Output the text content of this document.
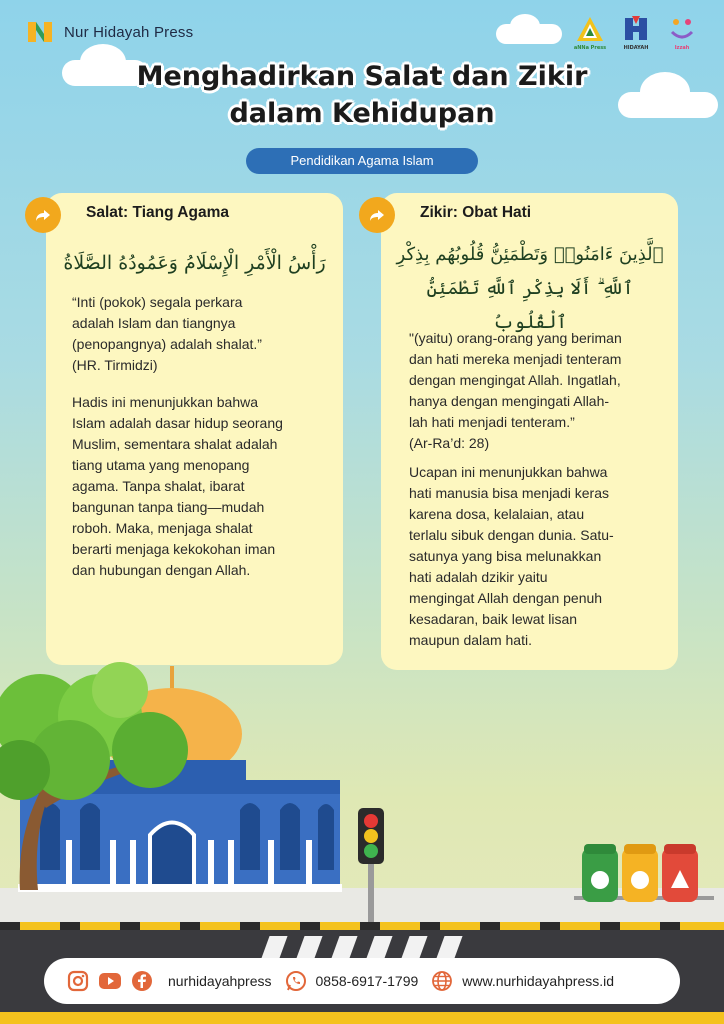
Nur Hidayah Press
aNNa Press	HIDAYAH	Izzah
Menghadirkan Salat dan Zikir
dalam Kehidupan
Pendidikan Agama Islam
Salat: Tiang Agama
رَأْسُ الْأَمْرِ الْإِسْلَامُ وَعَمُودُهُ الصَّلَاةُ
“Inti (pokok) segala perkara
adalah Islam dan tiangnya
(penopangnya) adalah shalat.”
(HR. Tirmidzi)
Hadis ini menunjukkan bahwa
Islam adalah dasar hidup seorang
Muslim, sementara shalat adalah
tiang utama yang menopang
agama. Tanpa shalat, ibarat
bangunan tanpa tiang—mudah
roboh. Maka, menjaga shalat
berarti menjaga kekokohan iman
dan hubungan dengan Allah.
Zikir: Obat Hati
ٱلَّذِينَ ءَامَنُوا۟ وَتَطْمَئِنُّ قُلُوبُهُم بِذِكْرِ
ٱللَّهِ ۗ أَلَا بِذِكْرِ ٱللَّهِ تَطْمَئِنُّ ٱلْقُلُوبُ
"(yaitu) orang-orang yang beriman
dan hati mereka menjadi tenteram
dengan mengingat Allah. Ingatlah,
hanya dengan mengingati Allah-
lah hati menjadi tenteram.”
(Ar-Ra’d: 28)
Ucapan ini menunjukkan bahwa
hati manusia bisa menjadi keras
karena dosa, kelalaian, atau
terlalu sibuk dengan dunia. Satu-
satunya yang bisa melunakkan
hati adalah dzikir yaitu
mengingat Allah dengan penuh
kesadaran, baik lewat lisan
maupun dalam hati.
nurhidayahpress	0858-6917-1799	www.nurhidayahpress.id
